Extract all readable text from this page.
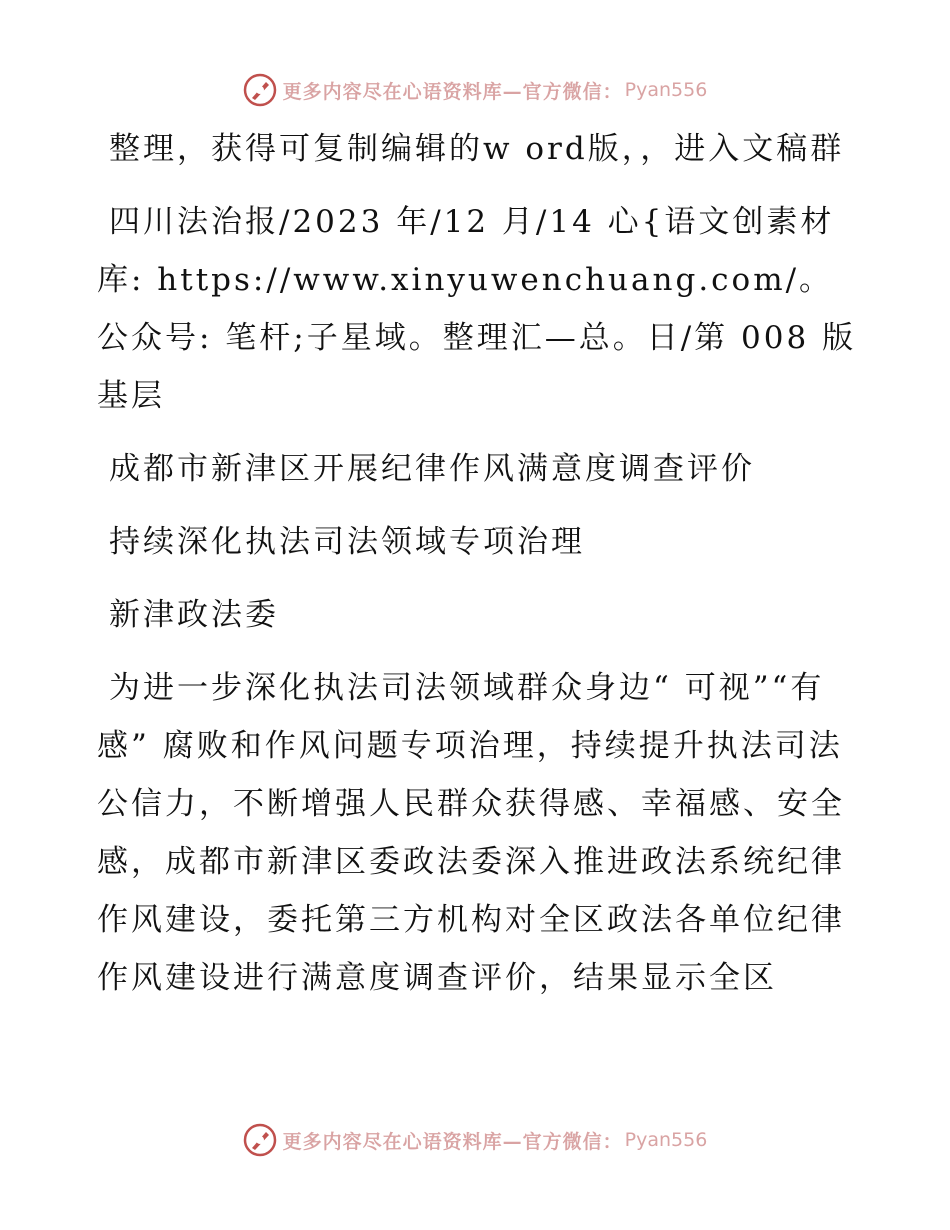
更多内容尽在心语资料库—官方微信： Pyan556

整理，获得可复制编辑的w ord版，，进入文稿群

四川法治报/2023 年/12 月/14 心{语文创素材库: https://www.xinyuwenchuang.com/。公众号: 笔杆;子星域。整理汇—总。日/第 008 版基层

成都市新津区开展纪律作风满意度调查评价

持续深化执法司法领域专项治理

新津政法委

为进一步深化执法司法领域群众身边“ 可视”“有感” 腐败和作风问题专项治理，持续提升执法司法公信力，不断增强人民群众获得感、幸福感、安全感，成都市新津区委政法委深入推进政法系统纪律作风建设，委托第三方机构对全区政法各单位纪律作风建设进行满意度调查评价，结果显示全区

更多内容尽在心语资料库—官方微信： Pyan556
